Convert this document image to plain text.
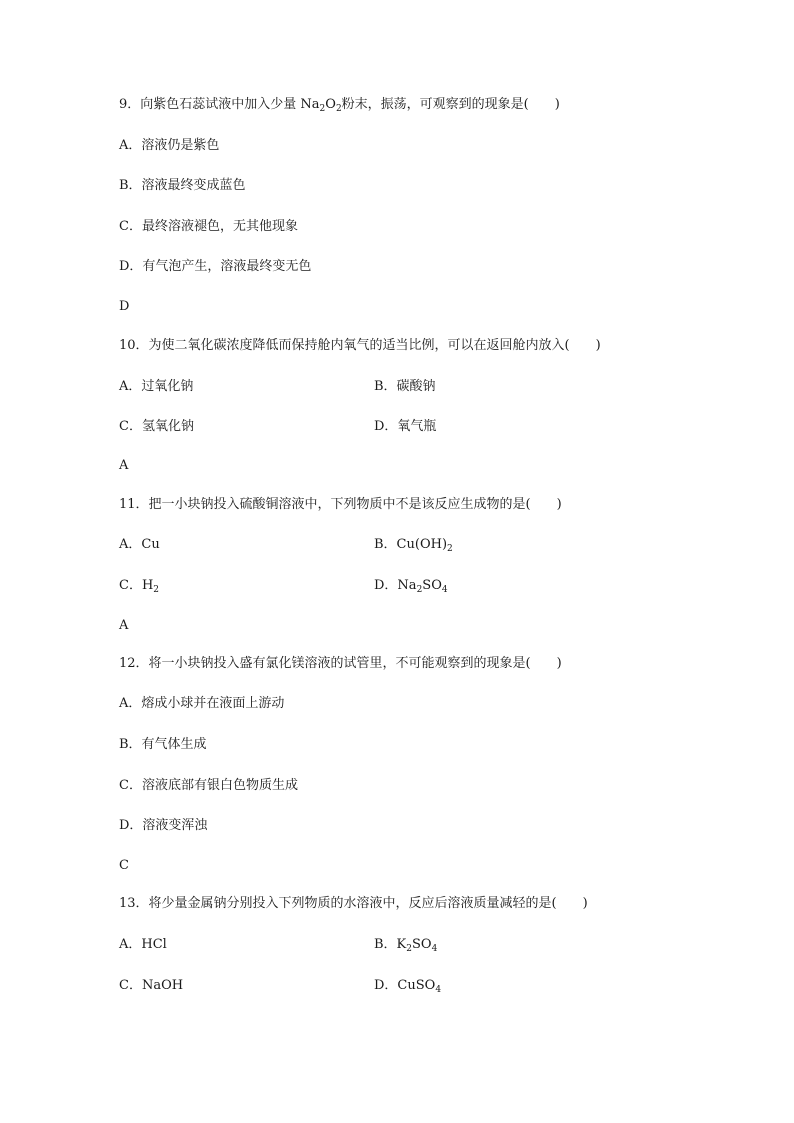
9．向紫色石蕊试液中加入少量 $Na_2O_2$粉末，振荡，可观察到的现象是(　　)
A．溶液仍是紫色
B．溶液最终变成蓝色
C．最终溶液褪色，无其他现象
D．有气泡产生，溶液最终变无色
D
10．为使二氧化碳浓度降低而保持舱内氧气的适当比例，可以在返回舱内放入(　　)
A．过氧化钠	B．碳酸钠
C．氢氧化钠	D．氧气瓶
A
11．把一小块钠投入硫酸铜溶液中，下列物质中不是该反应生成物的是(　　)
A．Cu	B．$Cu(OH)_2$
C．$H_2$	D．$Na_2SO_4$
A
12．将一小块钠投入盛有氯化镁溶液的试管里，不可能观察到的现象是(　　)
A．熔成小球并在液面上游动
B．有气体生成
C．溶液底部有银白色物质生成
D．溶液变浑浊
C
13．将少量金属钠分别投入下列物质的水溶液中，反应后溶液质量减轻的是(　　)
A．HCl	B．$K_2SO_4$
C．NaOH	D．CuSO$_4$
